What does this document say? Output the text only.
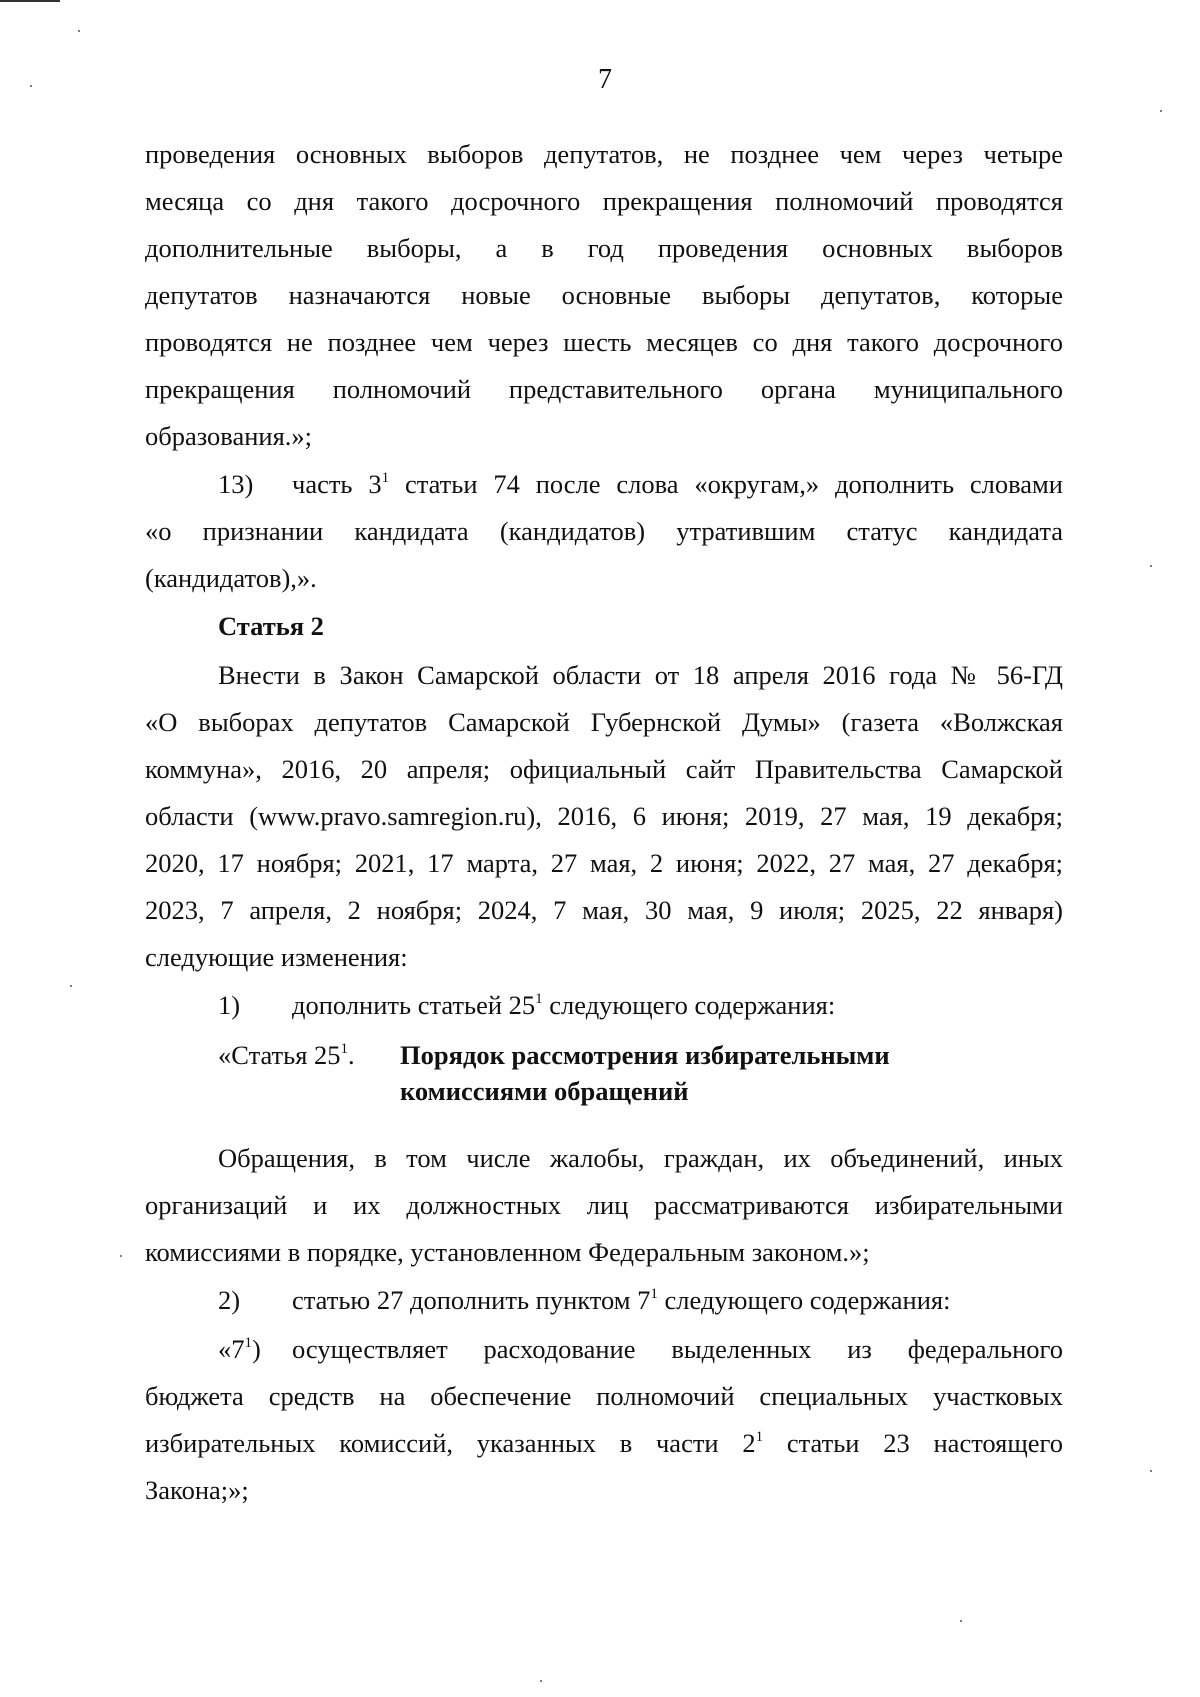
7
проведения основных выборов депутатов, не позднее чем через четыре
месяца со дня такого досрочного прекращения полномочий проводятся
дополнительные выборы, а в год проведения основных выборов
депутатов назначаются новые основные выборы депутатов, которые
проводятся не позднее чем через шесть месяцев со дня такого досрочного
прекращения полномочий представительного органа муниципального
образования.»;
13) часть $3^1$ статьи 74 после слова «округам,» дополнить словами
«о признании кандидата (кандидатов) утратившим статус кандидата
(кандидатов),».
Статья 2
Внести в Закон Самарской области от 18 апреля 2016 года № 56-ГД
«О выборах депутатов Самарской Губернской Думы» (газета «Волжская
коммуна», 2016, 20 апреля; официальный сайт Правительства Самарской
области (www.pravo.samregion.ru), 2016, 6 июня; 2019, 27 мая, 19 декабря;
2020, 17 ноября; 2021, 17 марта, 27 мая, 2 июня; 2022, 27 мая, 27 декабря;
2023, 7 апреля, 2 ноября; 2024, 7 мая, 30 мая, 9 июля; 2025, 22 января)
следующие изменения:
1) дополнить статьей $25^1$ следующего содержания:
«Статья $25^1$. Порядок рассмотрения избирательными
комиссиями обращений
Обращения, в том числе жалобы, граждан, их объединений, иных
организаций и их должностных лиц рассматриваются избирательными
комиссиями в порядке, установленном Федеральным законом.»;
2) статью 27 дополнить пунктом $7^1$ следующего содержания:
«$7^1$) осуществляет расходование выделенных из федерального
бюджета средств на обеспечение полномочий специальных участковых
избирательных комиссий, указанных в части $2^1$ статьи 23 настоящего
Закона;»;
